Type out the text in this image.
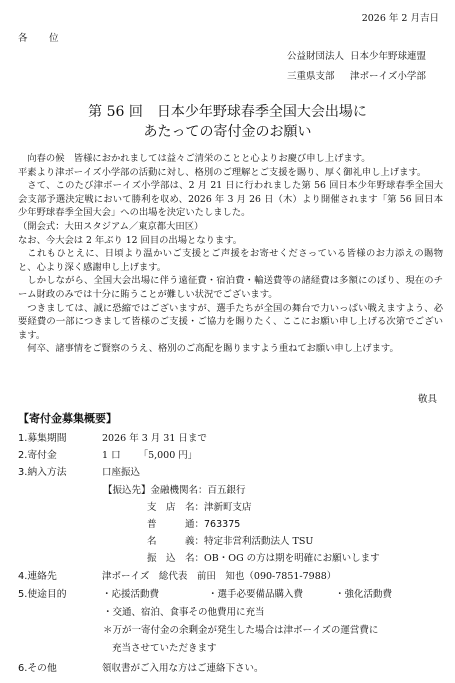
2026 年 2 月吉日
各　位
公益財団法人 日本少年野球連盟
三重県支部 津ボーイズ小学部
第 56 回　日本少年野球春季全国大会出場に
あたっての寄付金のお願い

向春の候　皆様におかれましては益々ご清栄のことと心よりお慶び申し上げます。

平素より津ボーイズ小学部の活動に対し、格別のご理解とご支援を賜り、厚く御礼申し上げます。

さて、このたび津ボーイズ小学部は、2 月 21 日に行われました第 56 回日本少年野球春季全国大会支部予選決定戦において勝利を収め、2026 年 3 月 26 日（木）より開催されます「第 56 回日本少年野球春季全国大会」への出場を決定いたしました。

（開会式：大田スタジアム／東京都大田区）

なお、今大会は 2 年ぶり 12 回目の出場となります。

これもひとえに、日頃より温かいご支援とご声援をお寄せくださっている皆様のお力添えの賜物と、心より深く感謝申し上げます。

しかしながら、全国大会出場に伴う遠征費・宿泊費・輸送費等の諸経費は多額にのぼり、現在のチーム財政のみでは十分に賄うことが難しい状況でございます。

つきましては、誠に恐縮ではございますが、選手たちが全国の舞台で力いっぱい戦えますよう、必要経費の一部につきまして皆様のご支援・ご協力を賜りたく、ここにお願い申し上げる次第でございます。

何卒、諸事情をご賢察のうえ、格別のご高配を賜りますよう重ねてお願い申し上げます。

敬具
【寄付金募集概要】
1.募集期間	2026 年 3 月 31 日まで
2.寄付金	1 口 「5,000 円」
3.納入方法	口座振込
【振込先】金融機関名：百五銀行
支　店　名：津新町支店
普　　　通：763375
名　　　義：特定非営利活動法人 TSU
振　込　名：OB・OG の方は期を明確にお願いします
4.連絡先	津ボーイズ　総代表　前田　知也（090-7851-7988）
5.使途目的	・応援活動費	・選手必要備品購入費	・強化活動費
・交通、宿泊、食事その他費用に充当
＊万が一寄付金の余剰金が発生した場合は津ボーイズの運営費に
充当させていただきます
6.その他	領収書がご入用な方はご連絡下さい。
